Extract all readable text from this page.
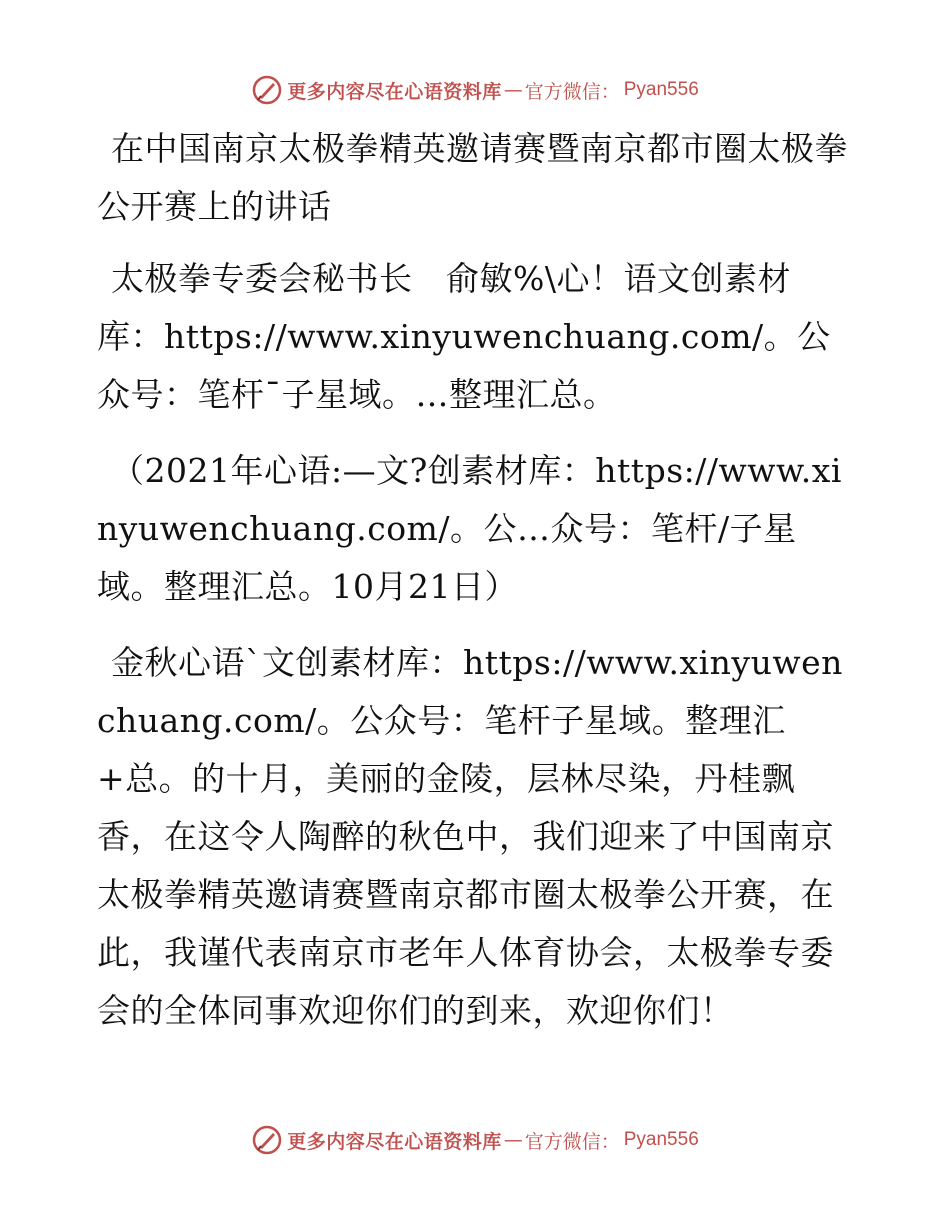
更多内容尽在心语资料库 — 官方微信： Pyan556

在中国南京太极拳精英邀请赛暨南京都市圈太极拳公开赛上的讲话

太极拳专委会秘书长　俞敏%\心！语文创素材库：https://www.xinyuwenchuang.com/。公众号：笔杆¯子星域。…整理汇总。

（2021年心语:—文?创素材库：https://www.xinyuwenchuang.com/。公…众号：笔杆/子星域。整理汇总。10月21日）

金秋心语`文创素材库：https://www.xinyuwenchuang.com/。公众号：笔杆子星域。整理汇+总。的十月，美丽的金陵，层林尽染，丹桂飘香，在这令人陶醉的秋色中，我们迎来了中国南京太极拳精英邀请赛暨南京都市圈太极拳公开赛，在此，我谨代表南京市老年人体育协会，太极拳专委会的全体同事欢迎你们的到来，欢迎你们！

更多内容尽在心语资料库 — 官方微信： Pyan556
